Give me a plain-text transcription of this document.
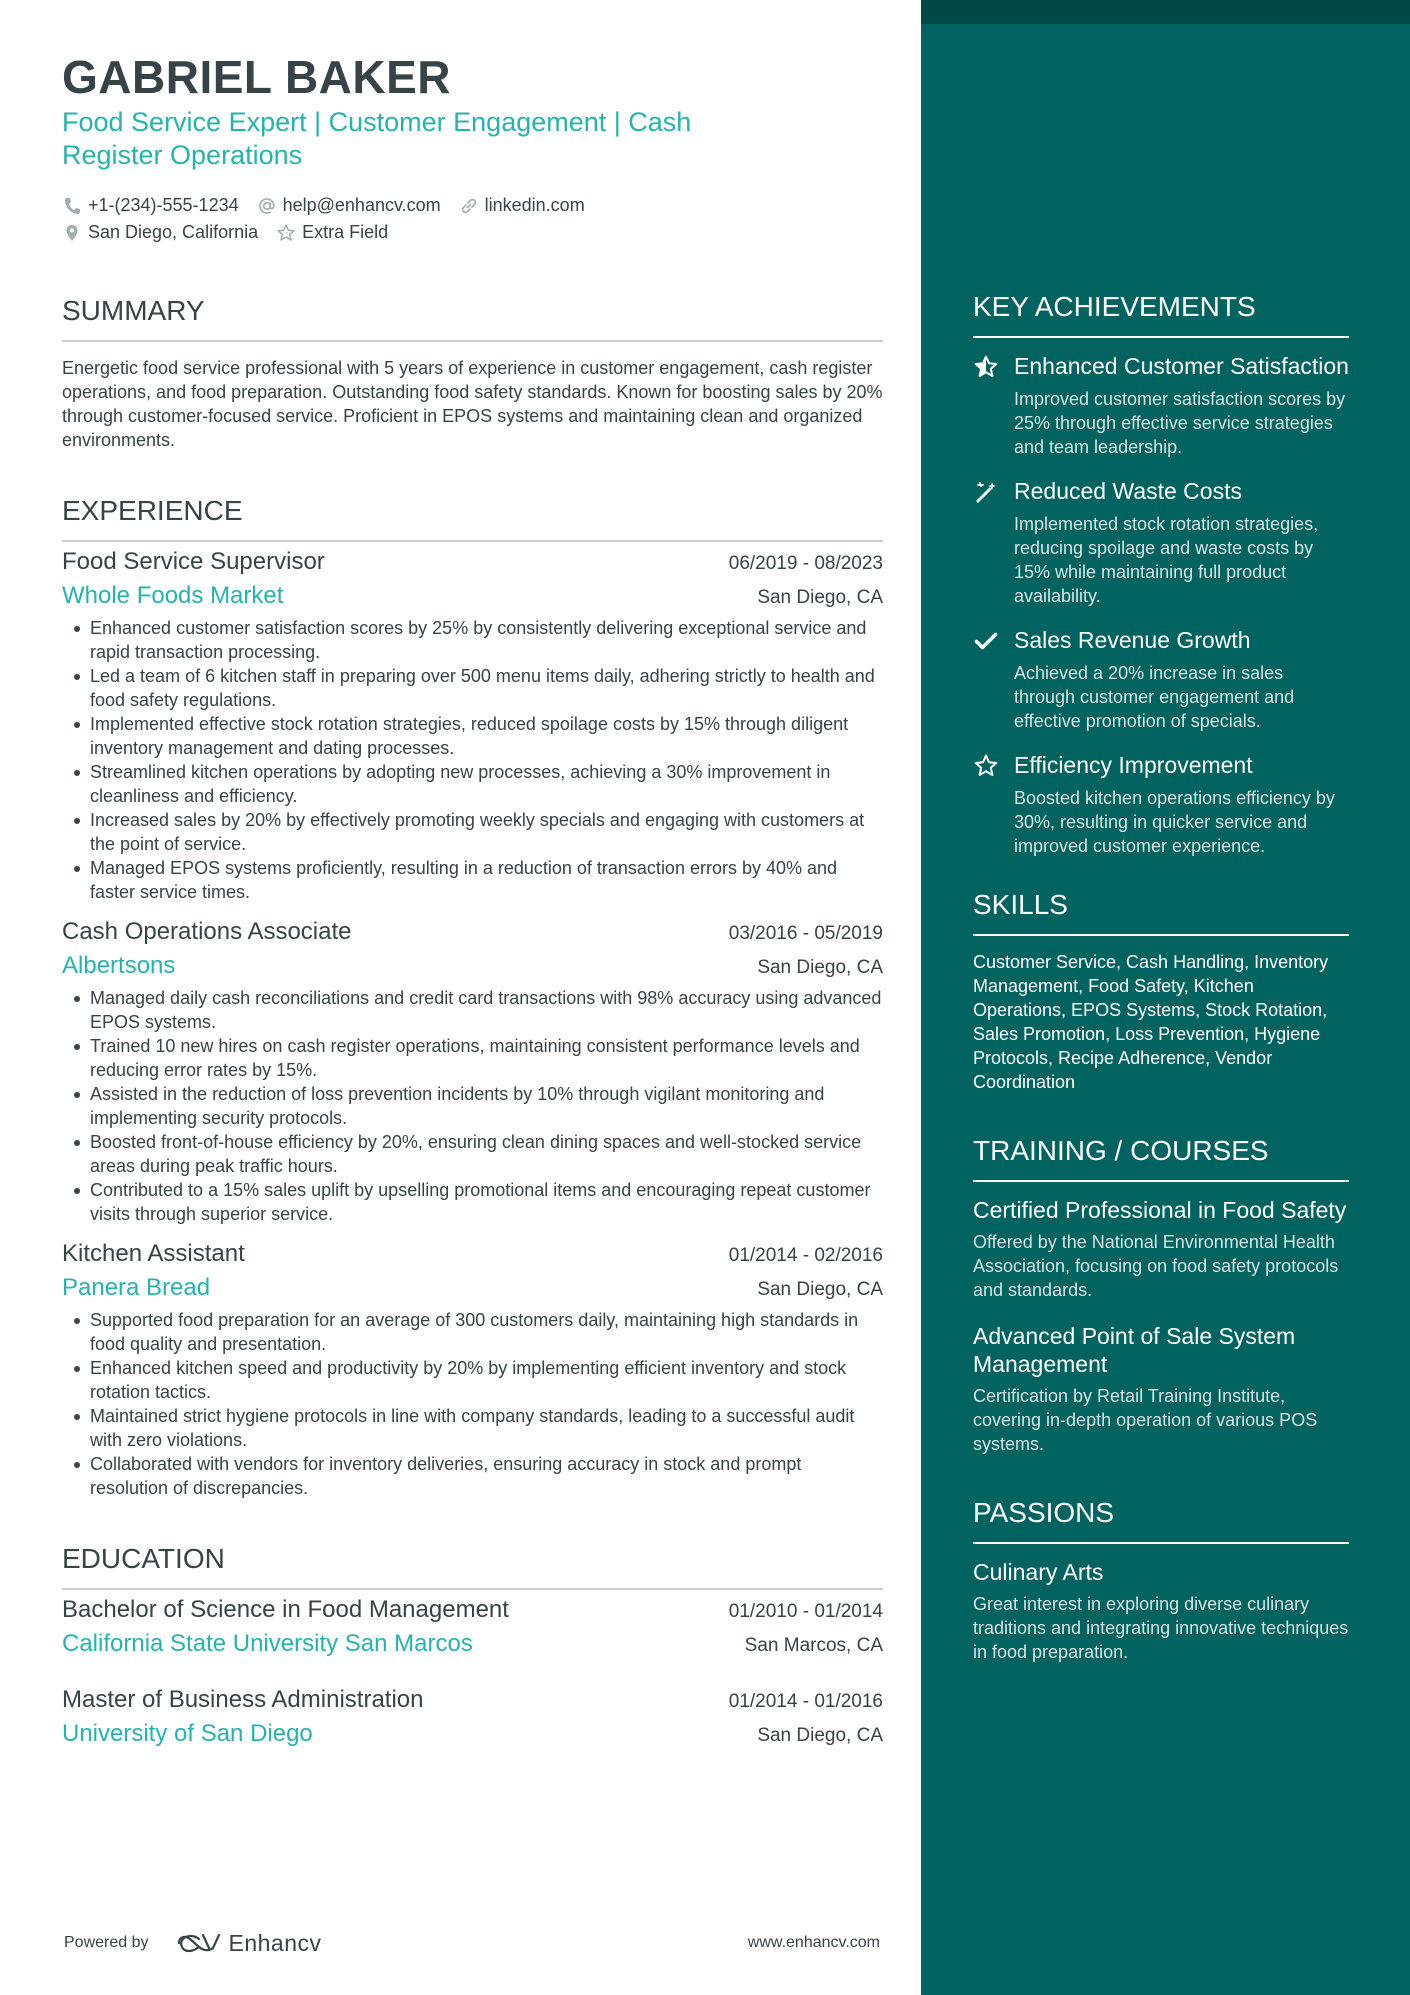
GABRIEL BAKER
Food Service Expert | Customer Engagement | Cash Register Operations
+1-(234)-555-1234 help@enhancv.com linkedin.com
San Diego, California Extra Field
SUMMARY
Energetic food service professional with 5 years of experience in customer engagement, cash register operations, and food preparation. Outstanding food safety standards. Known for boosting sales by 20% through customer-focused service. Proficient in EPOS systems and maintaining clean and organized environments.
EXPERIENCE
Food Service Supervisor	06/2019 - 08/2023
Whole Foods Market	San Diego, CA
Enhanced customer satisfaction scores by 25% by consistently delivering exceptional service and rapid transaction processing.
Led a team of 6 kitchen staff in preparing over 500 menu items daily, adhering strictly to health and food safety regulations.
Implemented effective stock rotation strategies, reduced spoilage costs by 15% through diligent inventory management and dating processes.
Streamlined kitchen operations by adopting new processes, achieving a 30% improvement in cleanliness and efficiency.
Increased sales by 20% by effectively promoting weekly specials and engaging with customers at the point of service.
Managed EPOS systems proficiently, resulting in a reduction of transaction errors by 40% and faster service times.
Cash Operations Associate	03/2016 - 05/2019
Albertsons	San Diego, CA
Managed daily cash reconciliations and credit card transactions with 98% accuracy using advanced EPOS systems.
Trained 10 new hires on cash register operations, maintaining consistent performance levels and reducing error rates by 15%.
Assisted in the reduction of loss prevention incidents by 10% through vigilant monitoring and implementing security protocols.
Boosted front-of-house efficiency by 20%, ensuring clean dining spaces and well-stocked service areas during peak traffic hours.
Contributed to a 15% sales uplift by upselling promotional items and encouraging repeat customer visits through superior service.
Kitchen Assistant	01/2014 - 02/2016
Panera Bread	San Diego, CA
Supported food preparation for an average of 300 customers daily, maintaining high standards in food quality and presentation.
Enhanced kitchen speed and productivity by 20% by implementing efficient inventory and stock rotation tactics.
Maintained strict hygiene protocols in line with company standards, leading to a successful audit with zero violations.
Collaborated with vendors for inventory deliveries, ensuring accuracy in stock and prompt resolution of discrepancies.
EDUCATION
Bachelor of Science in Food Management	01/2010 - 01/2014
California State University San Marcos	San Marcos, CA
Master of Business Administration	01/2014 - 01/2016
University of San Diego	San Diego, CA
Powered by	Enhancv	www.enhancv.com
KEY ACHIEVEMENTS
Enhanced Customer Satisfaction
Improved customer satisfaction scores by 25% through effective service strategies and team leadership.
Reduced Waste Costs
Implemented stock rotation strategies, reducing spoilage and waste costs by 15% while maintaining full product availability.
Sales Revenue Growth
Achieved a 20% increase in sales through customer engagement and effective promotion of specials.
Efficiency Improvement
Boosted kitchen operations efficiency by 30%, resulting in quicker service and improved customer experience.
SKILLS
Customer Service, Cash Handling, Inventory Management, Food Safety, Kitchen Operations, EPOS Systems, Stock Rotation, Sales Promotion, Loss Prevention, Hygiene Protocols, Recipe Adherence, Vendor Coordination
TRAINING / COURSES
Certified Professional in Food Safety
Offered by the National Environmental Health Association, focusing on food safety protocols and standards.
Advanced Point of Sale System Management
Certification by Retail Training Institute, covering in-depth operation of various POS systems.
PASSIONS
Culinary Arts
Great interest in exploring diverse culinary traditions and integrating innovative techniques in food preparation.
